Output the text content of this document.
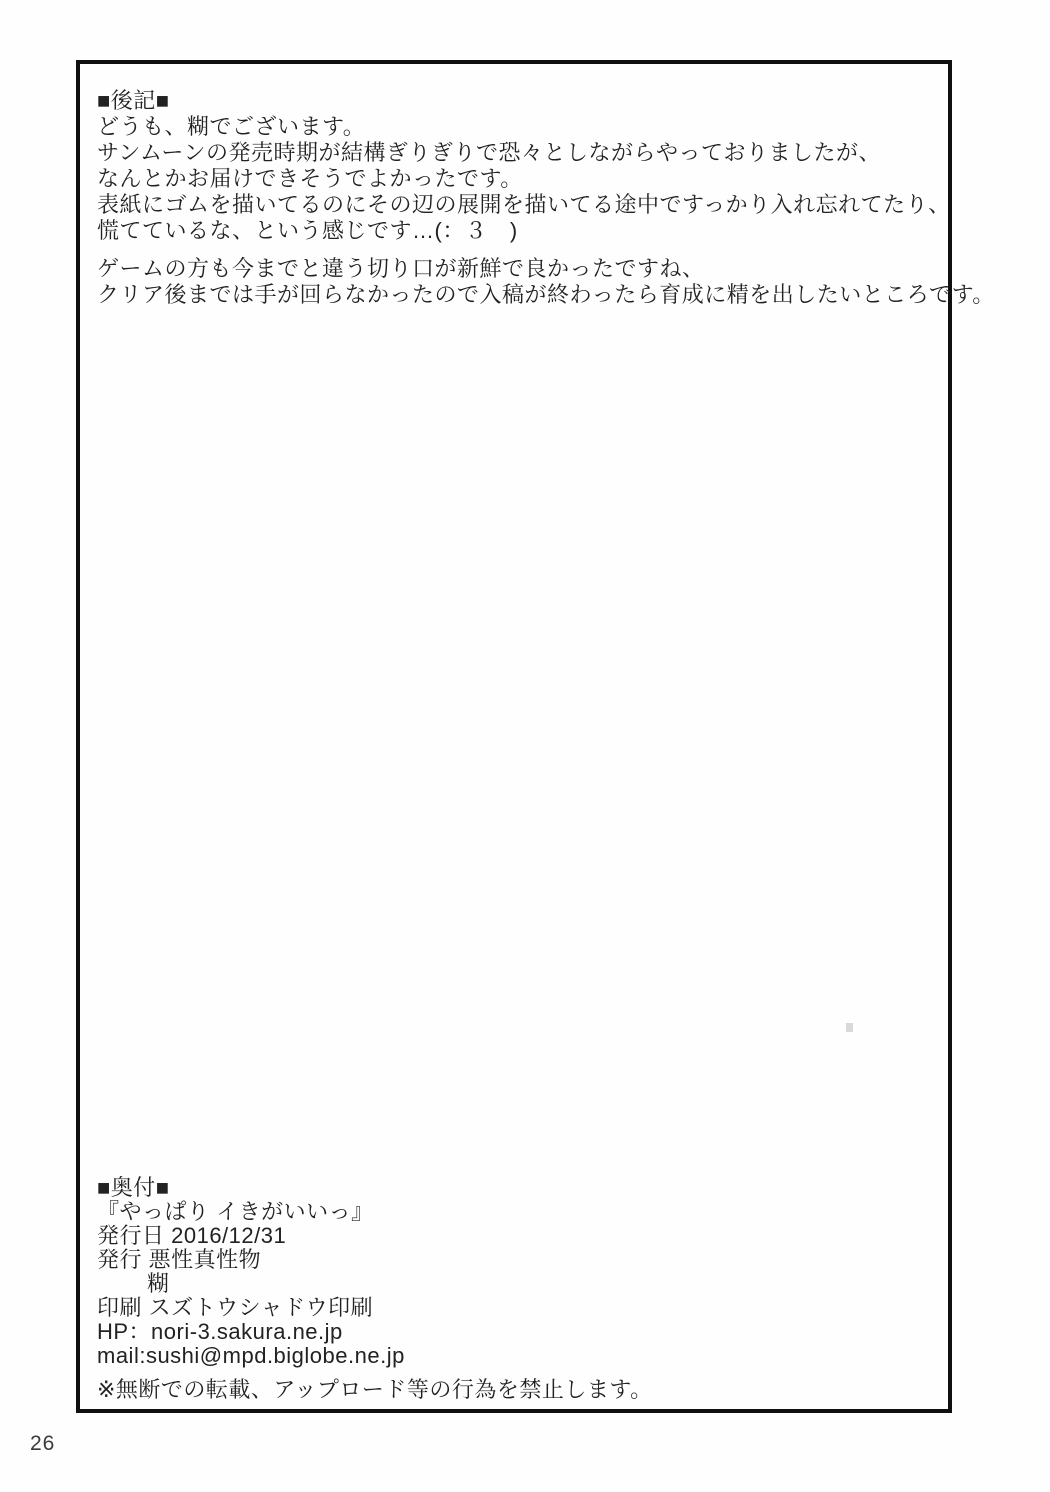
■後記■
どうも、糊でございます。
サンムーンの発売時期が結構ぎりぎりで恐々としながらやっておりましたが、
なんとかお届けできそうでよかったです。
表紙にゴムを描いてるのにその辺の展開を描いてる途中ですっかり入れ忘れてたり、
慌てているな、という感じです…(：３　)
ゲームの方も今までと違う切り口が新鮮で良かったですね、
クリア後までは手が回らなかったので入稿が終わったら育成に精を出したいところです。
■奥付■
『やっぱり イきがいいっ』
発行日 2016/12/31
発行 悪性真性物
糊
印刷 スズトウシャドウ印刷
HP：nori-3.sakura.ne.jp
mail:sushi@mpd.biglobe.ne.jp
※無断での転載、アップロード等の行為を禁止します。
26
